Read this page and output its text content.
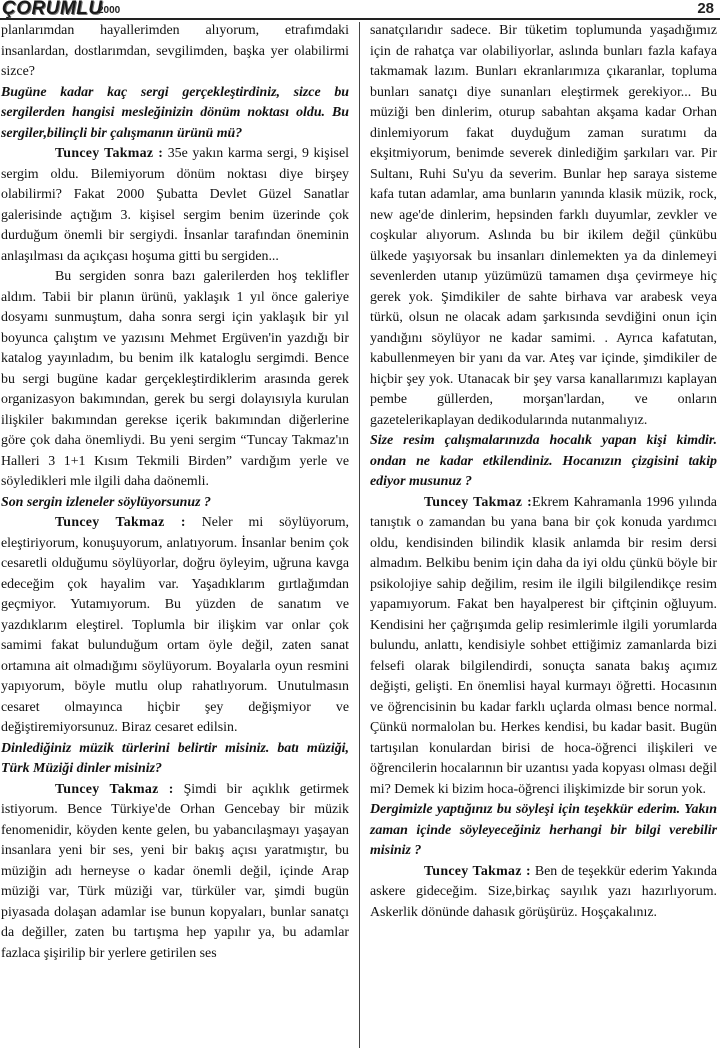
ÇORUMLU
2000	28

planlarımdan hayallerimden alıyorum, etrafımdaki insanlardan, dostlarımdan, sevgilimden, başka yer olabilirmi sizce?

Bugüne kadar kaç sergi gerçekleştirdiniz, sizce bu sergilerden hangisi mesleğinizin dönüm noktası oldu. Bu sergiler,bilinçli bir çalışmanın ürünü mü?

Tuncey Takmaz : 35e yakın karma sergi, 9 kişisel sergim oldu. Bilemiyorum dönüm noktası diye birşey olabilirmi? Fakat 2000 Şubatta Devlet Güzel Sanatlar galerisinde açtığım 3. kişisel sergim benim üzerinde çok durduğum önemli bir sergiydi. İnsanlar tarafından öneminin anlaşılması da açıkçası hoşuma gitti bu sergiden...

Bu sergiden sonra bazı galerilerden hoş teklifler aldım. Tabii bir planın ürünü, yaklaşık 1 yıl önce galeriye dosyamı sunmuştum, daha sonra sergi için yaklaşık bir yıl boyunca çalıştım ve yazısını Mehmet Ergüven'in yazdığı bir katalog yayınladım, bu benim ilk kataloglu sergimdi. Bence bu sergi bugüne kadar gerçekleştirdiklerim arasında gerek organizasyon bakımından, gerek bu sergi dolayısıyla kurulan ilişkiler bakımından gerekse içerik bakımından diğerlerine göre çok daha önemliydi. Bu yeni sergim “Tuncay Takmaz'ın Halleri 3 1+1 Kısım Tekmili Birden” vardığım yerle ve söyledikleri mle ilgili daha daönemli.

Son sergin izleneler söylüyorsunuz ?

Tuncey Takmaz : Neler mi söylüyorum, eleştiriyorum, konuşuyorum, anlatıyorum. İnsanlar benim çok cesaretli olduğumu söylüyorlar, doğru öyleyim, uğruna kavga edeceğim çok hayalim var. Yaşadıklarım gırtlağımdan geçmiyor. Yutamıyorum. Bu yüzden de sanatım ve yazdıklarım eleştirel. Toplumla bir ilişkim var onlar çok samimi fakat bulunduğum ortam öyle değil, zaten sanat ortamına ait olmadığımı söylüyorum. Boyalarla oyun resmini yapıyorum, böyle mutlu olup rahatlıyorum. Unutulmasın cesaret olmayınca hiçbir şey değişmiyor ve değiştiremiyorsunuz. Biraz cesaret edilsin.

Dinlediğiniz müzik türlerini belirtir misiniz. batı müziği, Türk Müziği dinler misiniz?

Tuncey Takmaz : Şimdi bir açıklık getirmek istiyorum. Bence Türkiye'de Orhan Gencebay bir müzik fenomenidir, köyden kente gelen, bu yabancılaşmayı yaşayan insanlara yeni bir ses, yeni bir bakış açısı yaratmıştır, bu müziğin adı herneyse o kadar önemli değil, içinde Arap müziği var, Türk müziği var, türküler var, şimdi bugün piyasada dolaşan adamlar ise bunun kopyaları, bunlar sanatçı da değiller, zaten bu tartışma hep yapılır ya, bu adamlar fazlaca şişirilip bir yerlere getirilen ses

sanatçılarıdır sadece. Bir tüketim toplumunda yaşadığımız için de rahatça var olabiliyorlar, aslında bunları fazla kafaya takmamak lazım. Bunları ekranlarımıza çıkaranlar, topluma bunları sanatçı diye sunanları eleştirmek gerekiyor... Bu müziği ben dinlerim, oturup sabahtan akşama kadar Orhan dinlemiyorum fakat duyduğum zaman suratımı da ekşitmiyorum, benimde severek dinlediğim şarkıları var. Pir Sultanı, Ruhi Su'yu da severim. Bunlar hep saraya sisteme kafa tutan adamlar, ama bunların yanında klasik müzik, rock, new age'de dinlerim, hepsinden farklı duyumlar, zevkler ve coşkular alıyorum. Aslında bu bir ikilem değil çünkübu ülkede yaşıyorsak bu insanları dinlemekten ya da dinlemeyi sevenlerden utanıp yüzümüzü tamamen dışa çevirmeye hiç gerek yok. Şimdikiler de sahte birhava var arabesk veya türkü, olsun ne olacak adam şarkısında sevdiğini onun için yandığını söylüyor ne kadar samimi. . Ayrıca kafatutan, kabullenmeyen bir yanı da var. Ateş var içinde, şimdikiler de hiçbir şey yok. Utanacak bir şey varsa kanallarımızı kaplayan pembe güllerden, morşan'lardan, ve onların gazetelerikaplayan dedikodularında nutanmalıyız.

Size resim çalışmalarınızda hocalık yapan kişi kimdir. ondan ne kadar etkilendiniz. Hocanızın çizgisini takip ediyor musunuz ?

Tuncey Takmaz :Ekrem Kahramanla 1996 yılında tanıştık o zamandan bu yana bana bir çok konuda yardımcı oldu, kendisinden bilindik klasik anlamda bir resim dersi almadım. Belkibu benim için daha da iyi oldu çünkü böyle bir psikolojiye sahip değilim, resim ile ilgili bilgilendikçe resim yapamıyorum. Fakat ben hayalperest bir çiftçinin oğluyum. Kendisini her çağrışımda gelip resimlerimle ilgili yorumlarda bulundu, anlattı, kendisiyle sohbet ettiğimiz zamanlarda bizi felsefi olarak bilgilendirdi, sonuçta sanata bakış açımız değişti, gelişti. En önemlisi hayal kurmayı öğretti. Hocasının ve öğrencisinin bu kadar farklı uçlarda olması bence normal. Çünkü normalolan bu. Herkes kendisi, bu kadar basit. Bugün tartışılan konulardan birisi de hoca-öğrenci ilişkileri ve öğrencilerin hocalarının bir uzantısı yada kopyası olması değil mi? Demek ki bizim hoca-öğrenci ilişkimizde bir sorun yok.

Dergimizle yaptığınız bu söyleşi için teşekkür ederim. Yakın zaman içinde söyleyeceğiniz herhangi bir bilgi verebilir misiniz ?

Tuncey Takmaz : Ben de teşekkür ederim Yakında askere gideceğim. Size,birkaç sayılık yazı hazırlıyorum. Askerlik dönünde dahasık görüşürüz. Hoşçakalınız.
